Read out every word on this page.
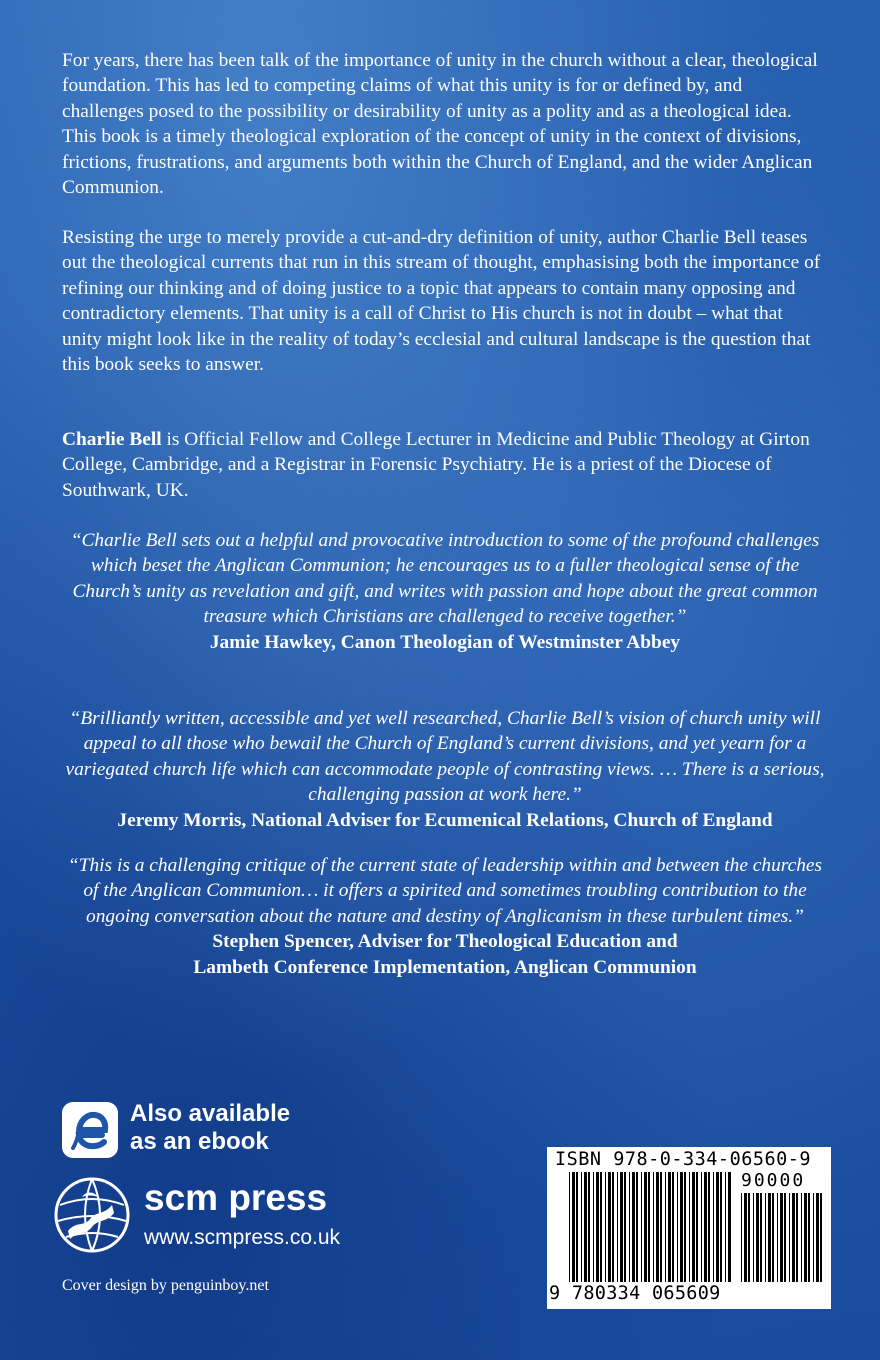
For years, there has been talk of the importance of unity in the church without a clear, theological foundation. This has led to competing claims of what this unity is for or defined by, and challenges posed to the possibility or desirability of unity as a polity and as a theological idea. This book is a timely theological exploration of the concept of unity in the context of divisions, frictions, frustrations, and arguments both within the Church of England, and the wider Anglican Communion.

Resisting the urge to merely provide a cut-and-dry definition of unity, author Charlie Bell teases out the theological currents that run in this stream of thought, emphasising both the importance of refining our thinking and of doing justice to a topic that appears to contain many opposing and contradictory elements. That unity is a call of Christ to His church is not in doubt – what that unity might look like in the reality of today’s ecclesial and cultural landscape is the question that this book seeks to answer.

Charlie Bell is Official Fellow and College Lecturer in Medicine and Public Theology at Girton College, Cambridge, and a Registrar in Forensic Psychiatry. He is a priest of the Diocese of Southwark, UK.

“Charlie Bell sets out a helpful and provocative introduction to some of the profound challenges which beset the Anglican Communion; he encourages us to a fuller theological sense of the Church’s unity as revelation and gift, and writes with passion and hope about the great common treasure which Christians are challenged to receive together.”
Jamie Hawkey, Canon Theologian of Westminster Abbey
“Brilliantly written, accessible and yet well researched, Charlie Bell’s vision of church unity will appeal to all those who bewail the Church of England’s current divisions, and yet yearn for a variegated church life which can accommodate people of contrasting views. … There is a serious, challenging passion at work here.”
Jeremy Morris, National Adviser for Ecumenical Relations, Church of England
“This is a challenging critique of the current state of leadership within and between the churches of the Anglican Communion… it offers a spirited and sometimes troubling contribution to the ongoing conversation about the nature and destiny of Anglicanism in these turbulent times.”
Stephen Spencer, Adviser for Theological Education and
Lambeth Conference Implementation, Anglican Communion
Also available
as an ebook
scm press
www.scmpress.co.uk
Cover design by penguinboy.net
ISBN 978-0-334-06560-9
90000
9 780334 065609
